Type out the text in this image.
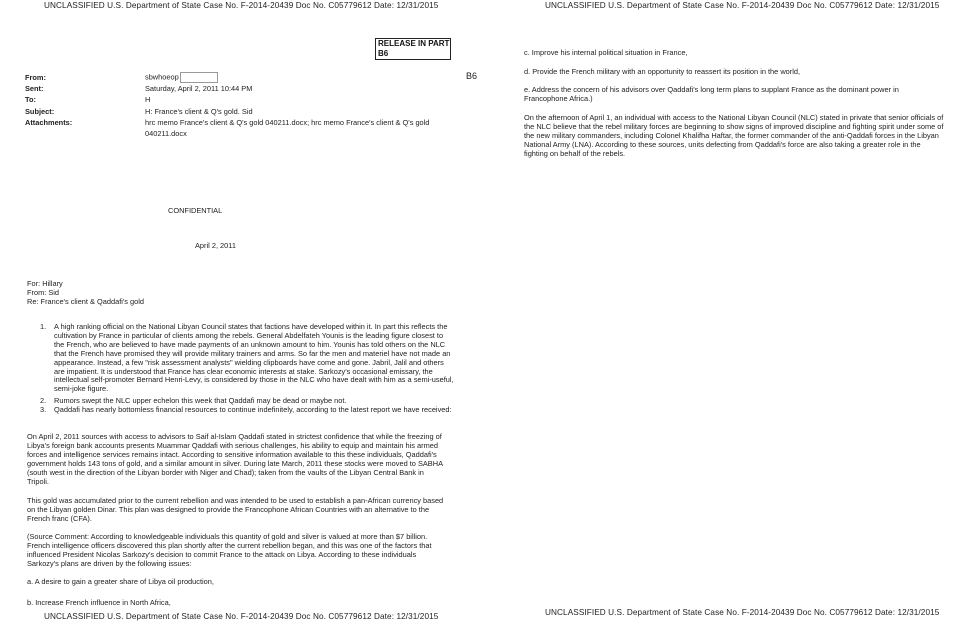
UNCLASSIFIED U.S. Department of State Case No. F-2014-20439 Doc No. C05779612 Date: 12/31/2015	UNCLASSIFIED U.S. Department of State Case No. F-2014-20439 Doc No. C05779612 Date: 12/31/2015
RELEASE IN PART
B6
B6
From:	sbwhoeop
Sent:	Saturday, April 2, 2011 10:44 PM
To:	H
Subject:	H: France's client & Q's gold. Sid
Attachments:	hrc memo France's client & Q's gold 040211.docx; hrc memo France's client & Q's gold
040211.docx
CONFIDENTIAL
April 2, 2011
For: Hillary
From: Sid
Re: France's client & Qaddafi's gold
1. A high ranking official on the National Libyan Council states that factions have developed within it. In part this reflects the cultivation by France in particular of clients among the rebels. General Abdelfateh Younis is the leading figure closest to the French, who are believed to have made payments of an unknown amount to him. Younis has told others on the NLC that the French have promised they will provide military trainers and arms. So far the men and materiel have not made an appearance. Instead, a few "risk assessment analysts" wielding clipboards have come and gone. Jabril, Jalil and others are impatient. It is understood that France has clear economic interests at stake. Sarkozy's occasional emissary, the intellectual self-promoter Bernard Henri-Levy, is considered by those in the NLC who have dealt with him as a semi-useful, semi-joke figure.
2. Rumors swept the NLC upper echelon this week that Qaddafi may be dead or maybe not.
3. Qaddafi has nearly bottomless financial resources to continue indefinitely, according to the latest report we have received:
On April 2, 2011 sources with access to advisors to Saif al-Islam Qaddafi stated in strictest confidence that while the freezing of Libya's foreign bank accounts presents Muammar Qaddafi with serious challenges, his ability to equip and maintain his armed forces and intelligence services remains intact. According to sensitive information available to this these individuals, Qaddafi's government holds 143 tons of gold, and a similar amount in silver. During late March, 2011 these stocks were moved to SABHA (south west in the direction of the Libyan border with Niger and Chad); taken from the vaults of the Libyan Central Bank in Tripoli.
This gold was accumulated prior to the current rebellion and was intended to be used to establish a pan-African currency based on the Libyan golden Dinar. This plan was designed to provide the Francophone African Countries with an alternative to the French franc (CFA).
(Source Comment: According to knowledgeable individuals this quantity of gold and silver is valued at more than $7 billion. French intelligence officers discovered this plan shortly after the current rebellion began, and this was one of the factors that influenced President Nicolas Sarkozy's decision to commit France to the attack on Libya. According to these individuals Sarkozy's plans are driven by the following issues:
a. A desire to gain a greater share of Libya oil production,
b. Increase French influence in North Africa,
c. Improve his internal political situation in France,
d. Provide the French military with an opportunity to reassert its position in the world,
e. Address the concern of his advisors over Qaddafi's long term plans to supplant France as the dominant power in Francophone Africa.)
On the afternoon of April 1, an individual with access to the National Libyan Council (NLC) stated in private that senior officials of the NLC believe that the rebel military forces are beginning to show signs of improved discipline and fighting spirit under some of the new military commanders, including Colonel Khalifha Haftar, the former commander of the anti-Qaddafi forces in the Libyan National Army (LNA). According to these sources, units defecting from Qaddafi's force are also taking a greater role in the fighting on behalf of the rebels.
UNCLASSIFIED U.S. Department of State Case No. F-2014-20439 Doc No. C05779612 Date: 12/31/2015	UNCLASSIFIED U.S. Department of State Case No. F-2014-20439 Doc No. C05779612 Date: 12/31/2015
